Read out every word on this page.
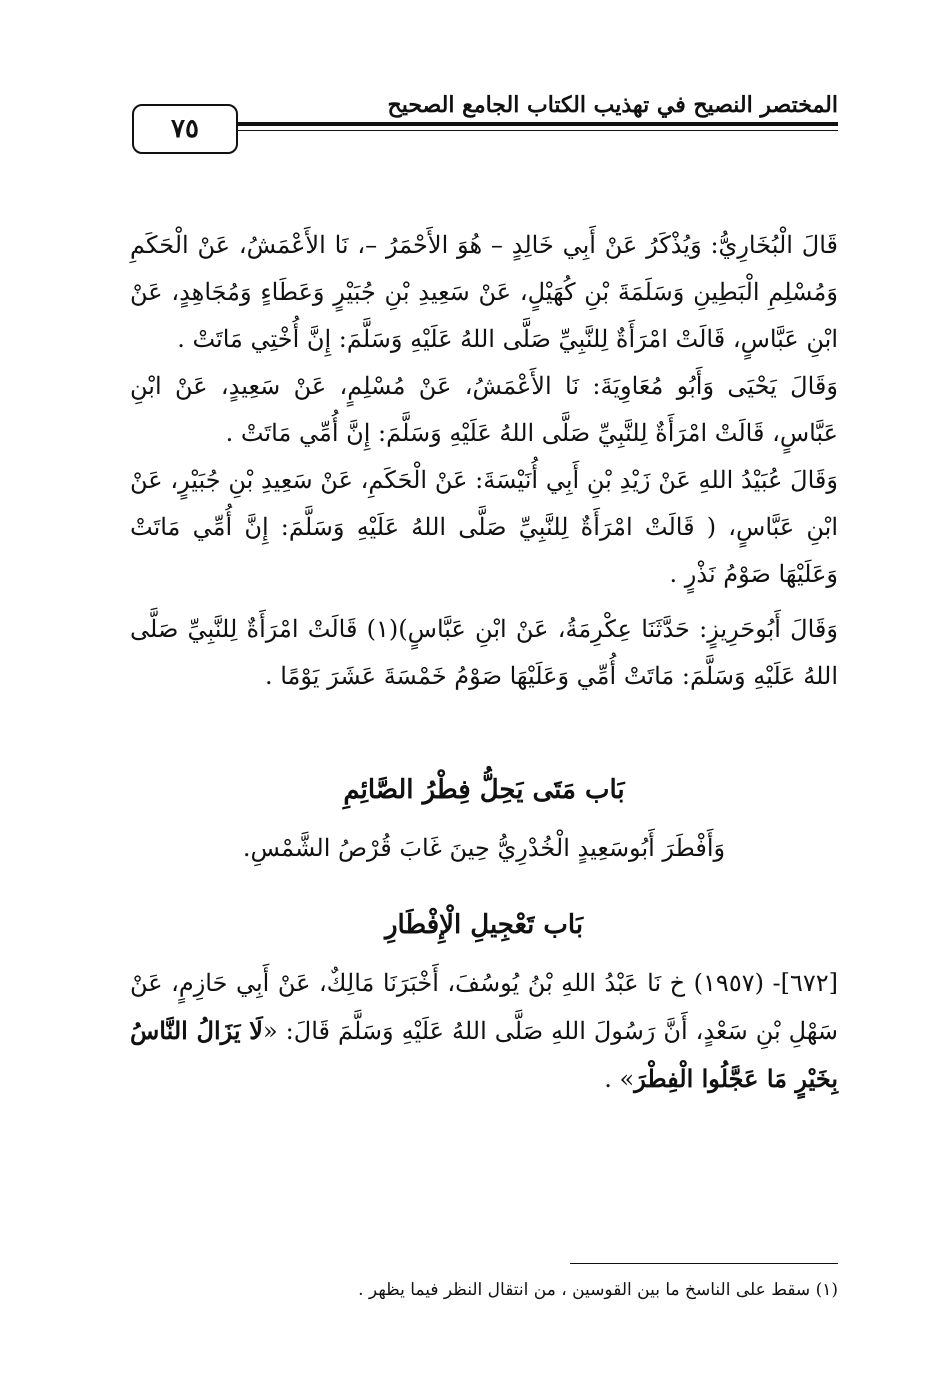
٧٥
المختصر النصيح في تهذيب الكتاب الجامع الصحيح

قَالَ الْبُخَارِيُّ: وَيُذْكَرُ عَنْ أَبِي خَالِدٍ – هُوَ الأَحْمَرُ –، نَا الأَعْمَشُ، عَنْ الْحَكَمِ وَمُسْلِمِ الْبَطِينِ وَسَلَمَةَ بْنِ كُهَيْلٍ، عَنْ سَعِيدِ بْنِ جُبَيْرٍ وَعَطَاءٍ وَمُجَاهِدٍ، عَنْ ابْنِ عَبَّاسٍ، قَالَتْ امْرَأَةٌ لِلنَّبِيِّ صَلَّى اللهُ عَلَيْهِ وَسَلَّمَ: إِنَّ أُخْتِي مَاتَتْ .

وَقَالَ يَحْيَى وَأَبُو مُعَاوِيَةَ: نَا الأَعْمَشُ، عَنْ مُسْلِمٍ، عَنْ سَعِيدٍ، عَنْ ابْنِ عَبَّاسٍ، قَالَتْ امْرَأَةٌ لِلنَّبِيِّ صَلَّى اللهُ عَلَيْهِ وَسَلَّمَ: إِنَّ أُمِّي مَاتَتْ .

وَقَالَ عُبَيْدُ اللهِ عَنْ زَيْدِ بْنِ أَبِي أُنَيْسَةَ: عَنْ الْحَكَمِ، عَنْ سَعِيدِ بْنِ جُبَيْرٍ، عَنْ ابْنِ عَبَّاسٍ، ( قَالَتْ امْرَأَةٌ لِلنَّبِيِّ صَلَّى اللهُ عَلَيْهِ وَسَلَّمَ: إِنَّ أُمِّي مَاتَتْ وَعَلَيْهَا صَوْمُ نَذْرٍ .

وَقَالَ أَبُوحَرِيزٍ: حَدَّثَنَا عِكْرِمَةُ، عَنْ ابْنِ عَبَّاسٍ)(١) قَالَتْ امْرَأَةٌ لِلنَّبِيِّ صَلَّى اللهُ عَلَيْهِ وَسَلَّمَ: مَاتَتْ أُمِّي وَعَلَيْهَا صَوْمُ خَمْسَةَ عَشَرَ يَوْمًا .

بَاب مَتَى يَحِلُّ فِطْرُ الصَّائِمِ
وَأَفْطَرَ أَبُوسَعِيدٍ الْخُدْرِيُّ حِينَ غَابَ قُرْصُ الشَّمْسِ.
بَاب تَعْجِيلِ الْإِفْطَارِ
[٦٧٢]- (١٩٥٧) خ نَا عَبْدُ اللهِ بْنُ يُوسُفَ، أَخْبَرَنَا مَالِكٌ، عَنْ أَبِي حَازِمٍ، عَنْ سَهْلِ بْنِ سَعْدٍ، أَنَّ رَسُولَ اللهِ صَلَّى اللهُ عَلَيْهِ وَسَلَّمَ قَالَ: «لَا يَزَالُ النَّاسُ بِخَيْرٍ مَا عَجَّلُوا الْفِطْرَ» .
(١) سقط على الناسخ ما بين القوسين ، من انتقال النظر فيما يظهر .
